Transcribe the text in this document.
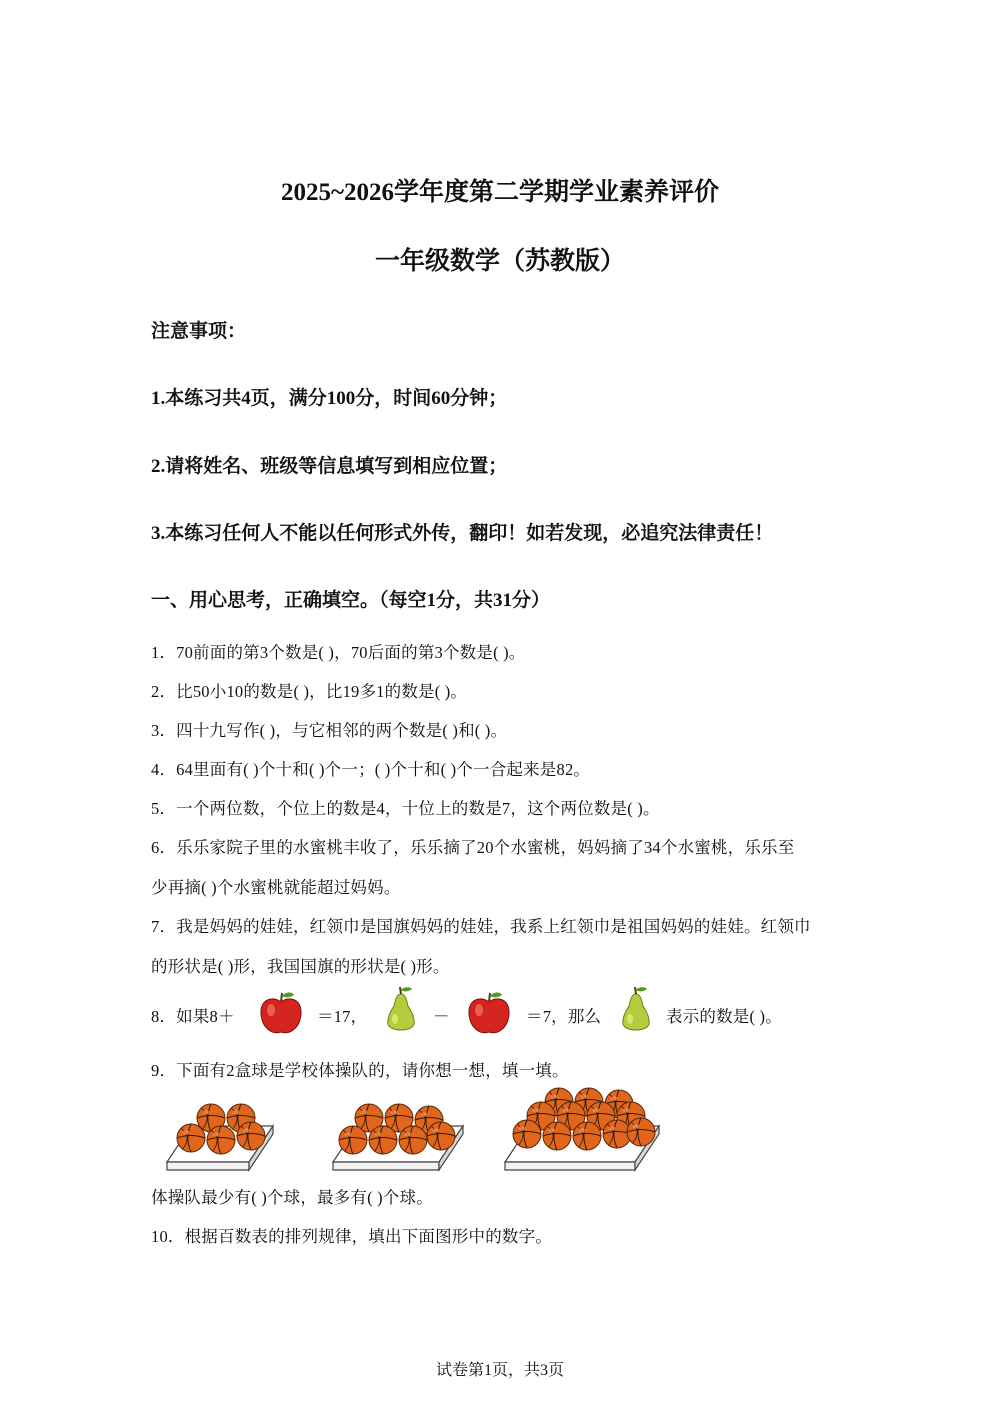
2025~2026学年度第二学期学业素养评价
一年级数学（苏教版）
注意事项：
1.本练习共4页，满分100分，时间60分钟；
2.请将姓名、班级等信息填写到相应位置；
3.本练习任何人不能以任何形式外传，翻印！如若发现，必追究法律责任！
一、用心思考，正确填空。（每空1分，共31分）
1．70前面的第3个数是( )，70后面的第3个数是( )。
2．比50小10的数是( )，比19多1的数是( )。
3．四十九写作( )，与它相邻的两个数是( )和( )。
4．64里面有( )个十和( )个一；( )个十和( )个一合起来是82。
5．一个两位数，个位上的数是4，十位上的数是7，这个两位数是( )。
6．乐乐家院子里的水蜜桃丰收了，乐乐摘了20个水蜜桃，妈妈摘了34个水蜜桃，乐乐至
少再摘( )个水蜜桃就能超过妈妈。
7．我是妈妈的娃娃，红领巾是国旗妈妈的娃娃，我系上红领巾是祖国妈妈的娃娃。红领巾
的形状是( )形，我国国旗的形状是( )形。
8．如果8＋	＝17，	－	＝7，那么	表示的数是( )。
9．下面有2盒球是学校体操队的，请你想一想，填一填。
体操队最少有( )个球，最多有( )个球。
10．根据百数表的排列规律，填出下面图形中的数字。
试卷第1页，共3页
